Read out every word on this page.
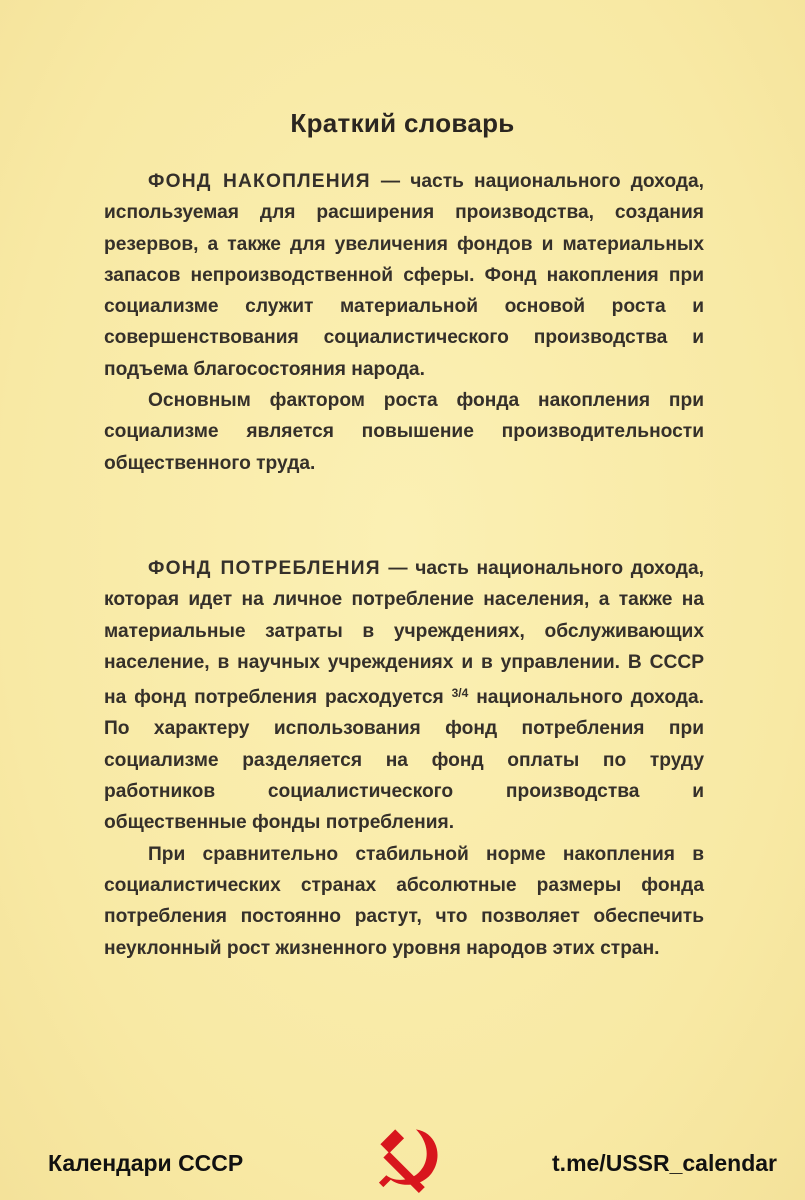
Краткий словарь

ФОНД НАКОПЛЕНИЯ — часть национального дохода, используемая для расширения производства, создания резервов, а также для увеличения фондов и материальных запасов непроизводственной сферы. Фонд накопления при социализме служит материальной основой роста и совершенствования социалистического производства и подъема благосостояния народа.

Основным фактором роста фонда накопления при социализме является повышение производительности общественного труда.

ФОНД ПОТРЕБЛЕНИЯ — часть национального дохода, которая идет на личное потребление населения, а также на материальные затраты в учреждениях, обслуживающих население, в научных учреждениях и в управлении. В СССР на фонд потребления расходуется $^{3/4}$ национального дохода. По характеру использования фонд потребления при социализме разделяется на фонд оплаты по труду работников социалистического производства и общественные фонды потребления.

При сравнительно стабильной норме накопления в социалистических странах абсолютные размеры фонда потребления постоянно растут, что позволяет обеспечить неуклонный рост жизненного уровня народов этих стран.

Календари СССР	t.me/USSR_calendar
